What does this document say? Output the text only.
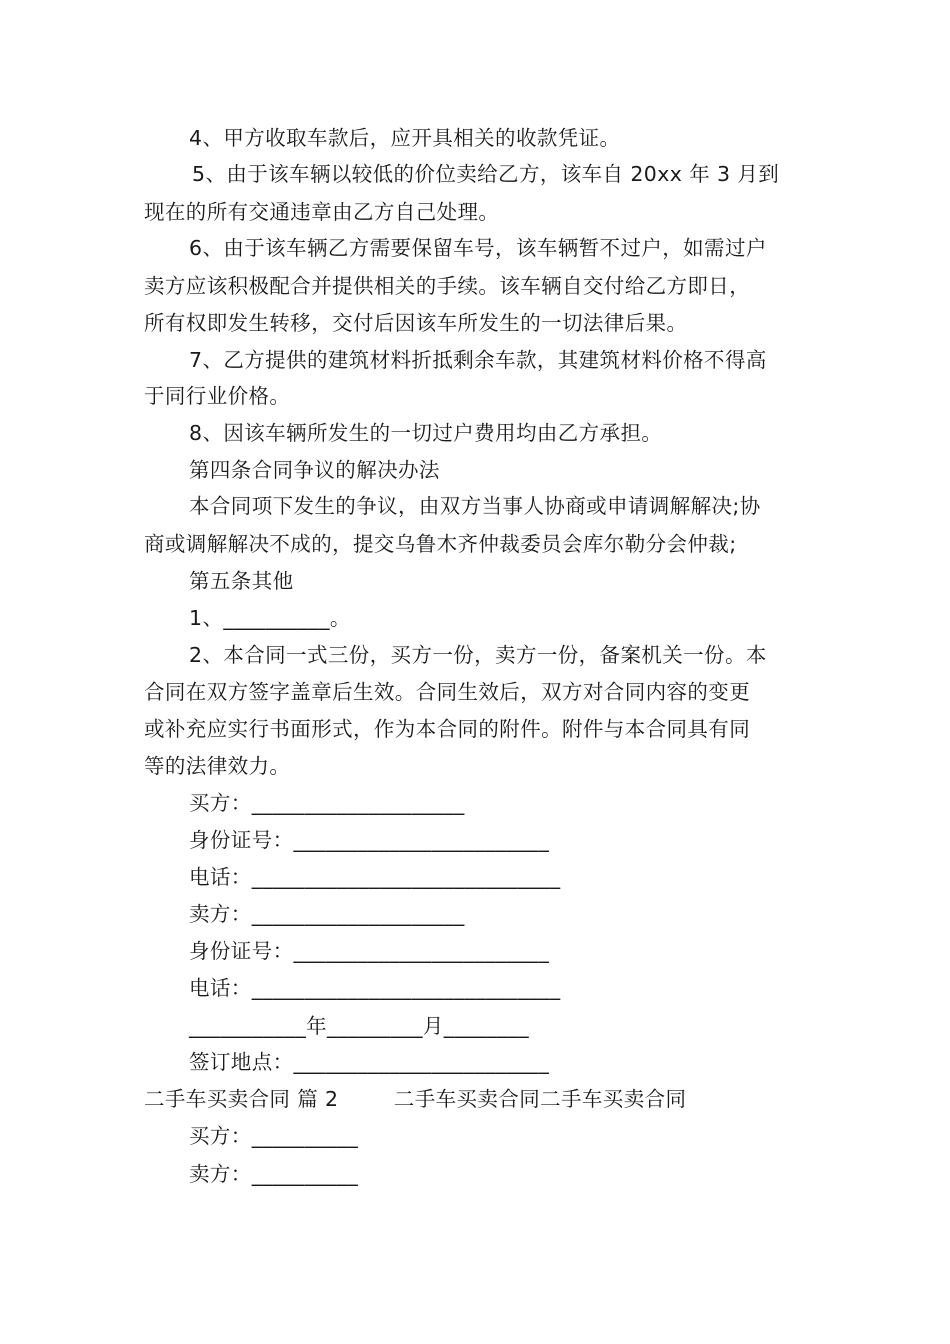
4、甲方收取车款后，应开具相关的收款凭证。
5、由于该车辆以较低的价位卖给乙方，该车自 20xx 年 3 月到
现在的所有交通违章由乙方自己处理。
6、由于该车辆乙方需要保留车号，该车辆暂不过户，如需过户
卖方应该积极配合并提供相关的手续。该车辆自交付给乙方即日，
所有权即发生转移，交付后因该车所发生的一切法律后果。
7、乙方提供的建筑材料折抵剩余车款，其建筑材料价格不得高
于同行业价格。
8、因该车辆所发生的一切过户费用均由乙方承担。
第四条合同争议的解决办法
本合同项下发生的争议，由双方当事人协商或申请调解解决;协
商或调解解决不成的，提交乌鲁木齐仲裁委员会库尔勒分会仲裁;
第五条其他
1、__________。
2、本合同一式三份，买方一份，卖方一份，备案机关一份。本
合同在双方签字盖章后生效。合同生效后，双方对合同内容的变更
或补充应实行书面形式，作为本合同的附件。附件与本合同具有同
等的法律效力。
买方：____________________
身份证号：________________________
电话：_____________________________
卖方：____________________
身份证号：________________________
电话：_____________________________
___________年_________月________
签订地点：________________________
二手车买卖合同 篇 2        二手车买卖合同二手车买卖合同
买方：__________
卖方：__________
